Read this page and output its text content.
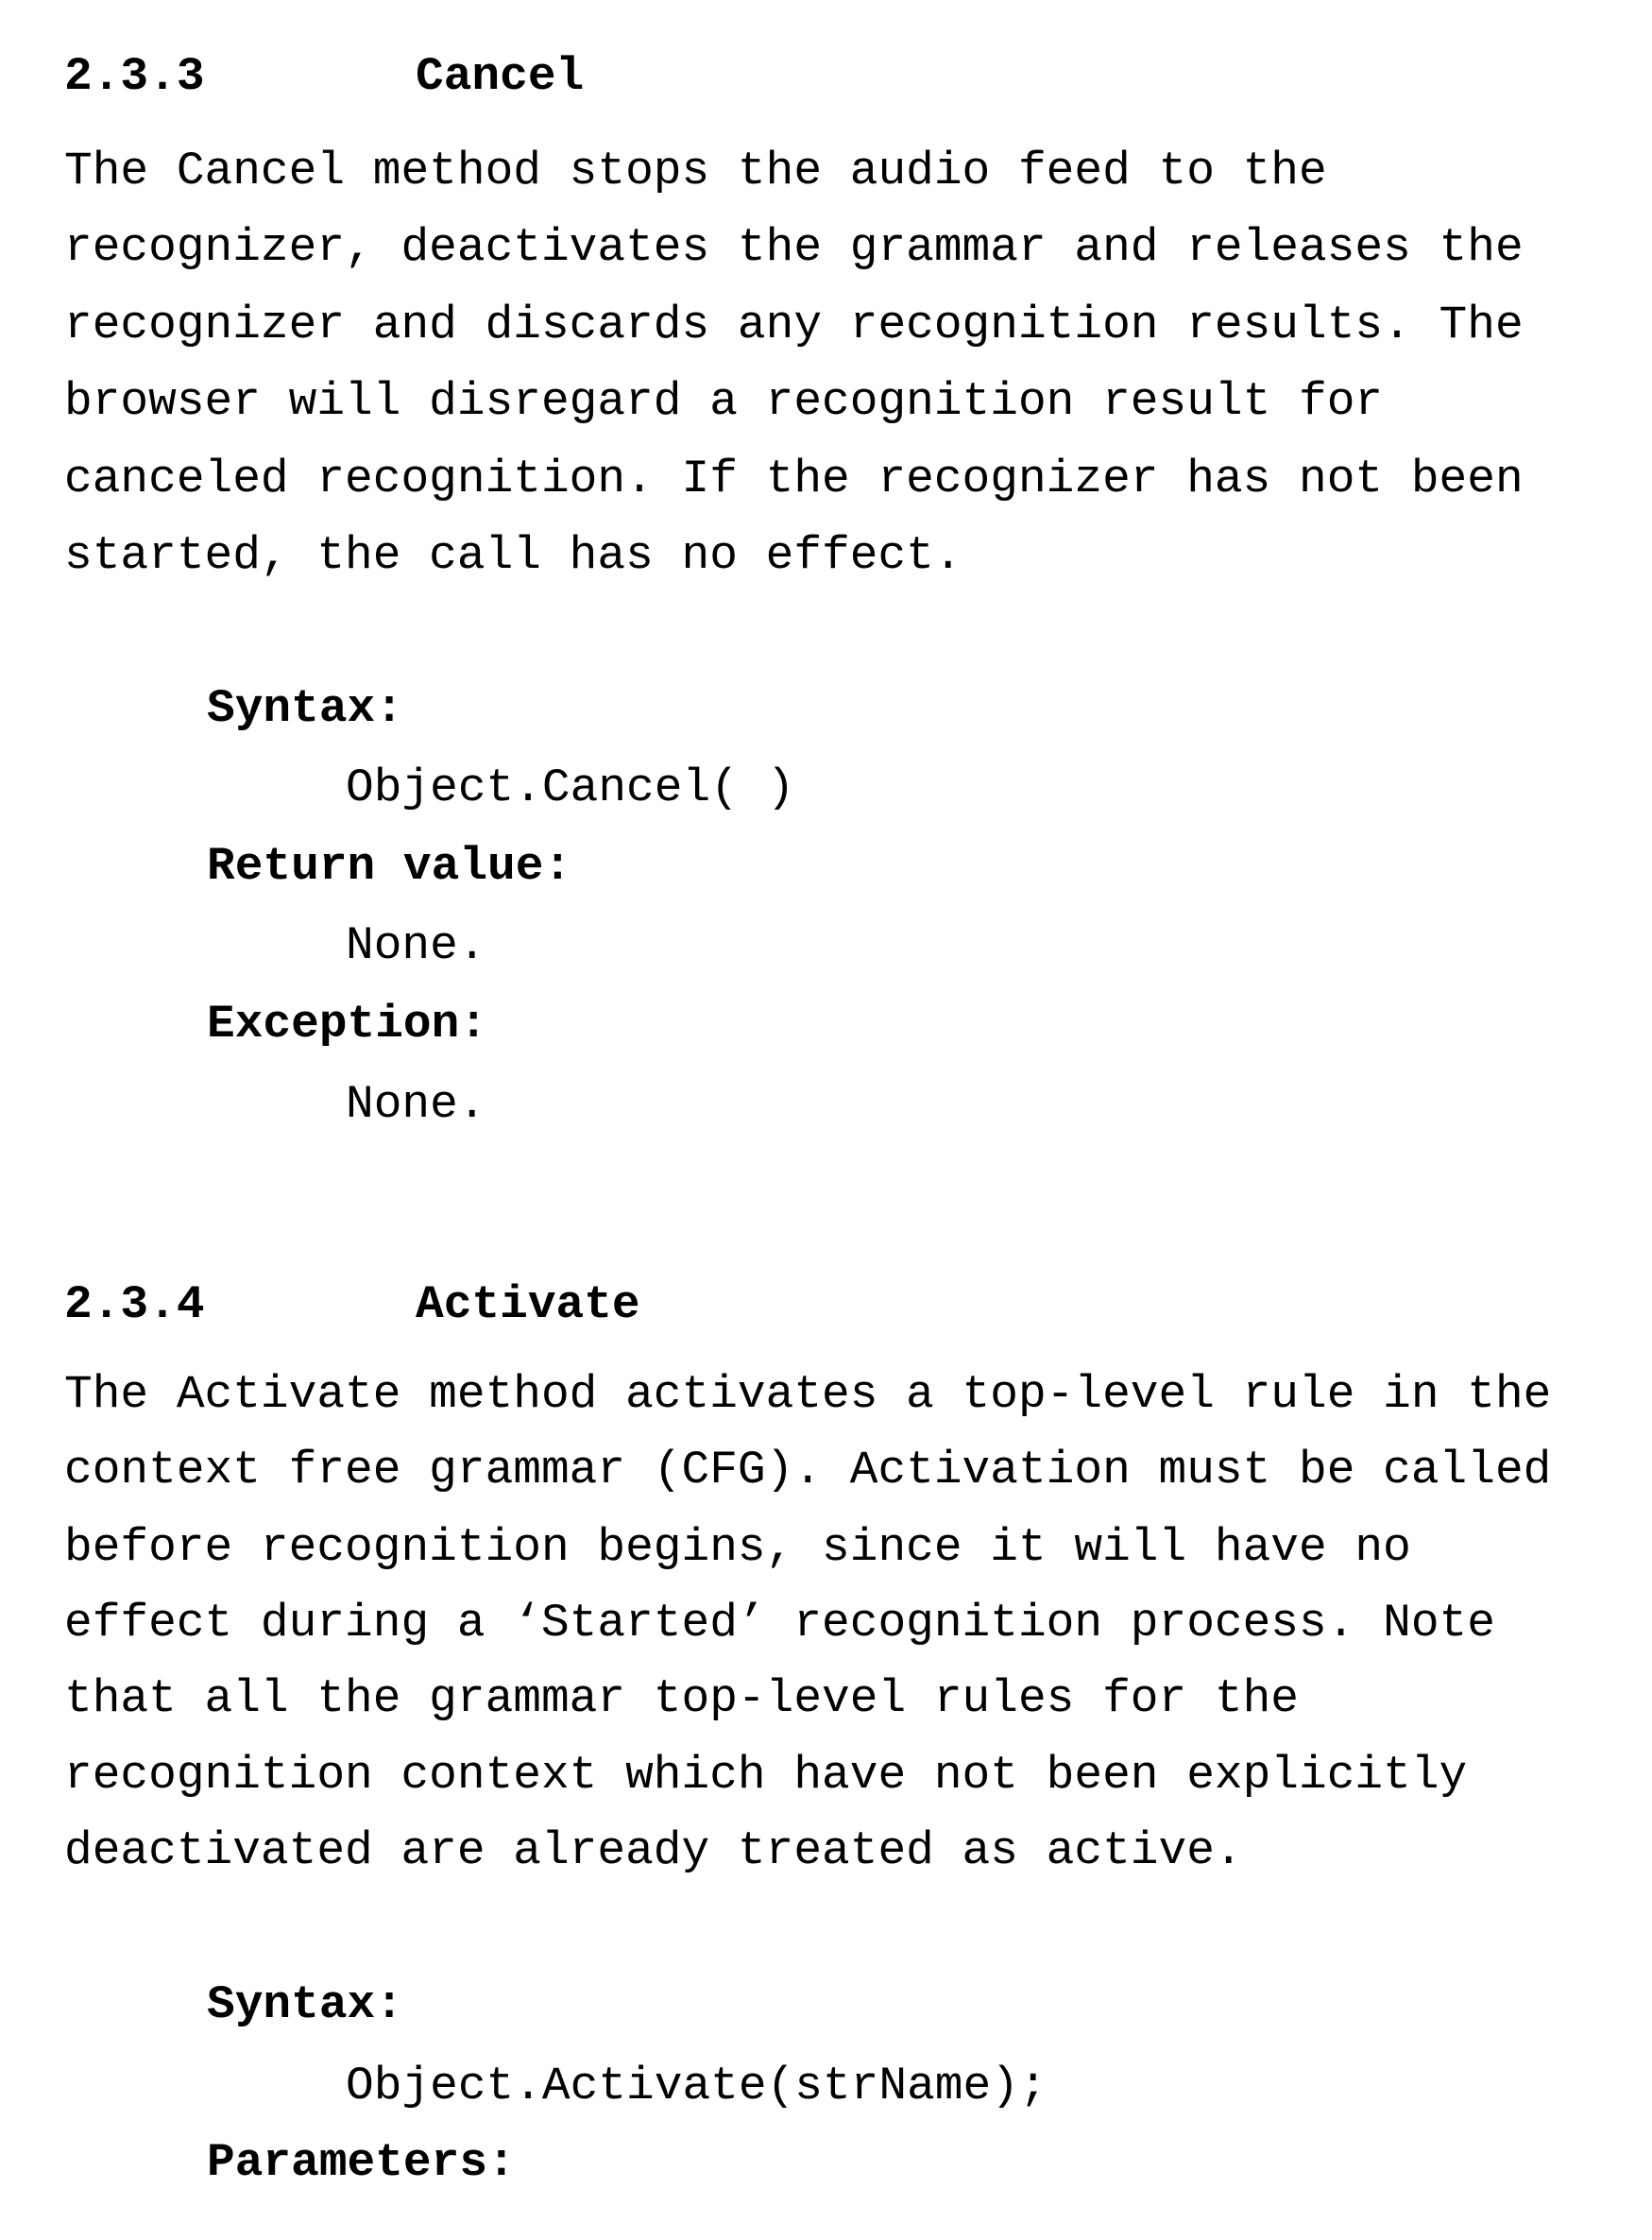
2.3.3	Cancel
The Cancel method stops the audio feed to the
recognizer, deactivates the grammar and releases the
recognizer and discards any recognition results. The
browser will disregard a recognition result for
canceled recognition. If the recognizer has not been
started, the call has no effect.
Syntax:
Object.Cancel( )
Return value:
None.
Exception:
None.
2.3.4	Activate
The Activate method activates a top-level rule in the
context free grammar (CFG). Activation must be called
before recognition begins, since it will have no
effect during a ‘Started’ recognition process. Note
that all the grammar top-level rules for the
recognition context which have not been explicitly
deactivated are already treated as active.
Syntax:
Object.Activate(strName);
Parameters:
